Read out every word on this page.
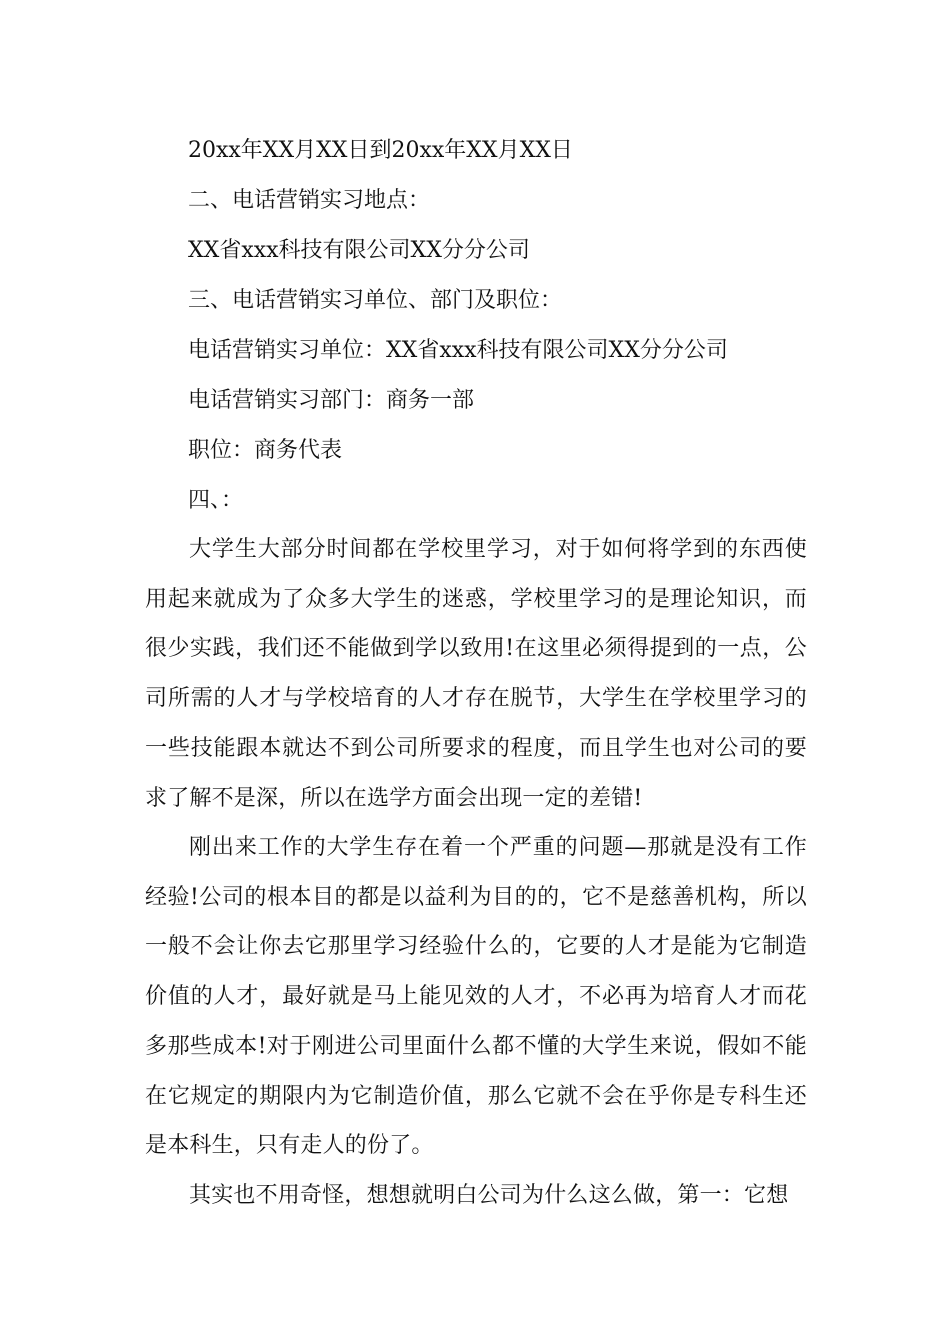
20xx年XX月XX日到20xx年XX月XX日
二、电话营销实习地点：
XX省xxx科技有限公司XX分分公司
三、电话营销实习单位、部门及职位：
电话营销实习单位：XX省xxx科技有限公司XX分分公司
电话营销实习部门：商务一部
职位：商务代表
四、：

大学生大部分时间都在学校里学习，对于如何将学到的东西使用起来就成为了众多大学生的迷惑，学校里学习的是理论知识，而很少实践，我们还不能做到学以致用!在这里必须得提到的一点，公司所需的人才与学校培育的人才存在脱节，大学生在学校里学习的一些技能跟本就达不到公司所要求的程度，而且学生也对公司的要求了解不是深，所以在选学方面会出现一定的差错!

刚出来工作的大学生存在着一个严重的问题—那就是没有工作经验!公司的根本目的都是以益利为目的的，它不是慈善机构，所以一般不会让你去它那里学习经验什么的，它要的人才是能为它制造价值的人才，最好就是马上能见效的人才，不必再为培育人才而花多那些成本!对于刚进公司里面什么都不懂的大学生来说，假如不能在它规定的期限内为它制造价值，那么它就不会在乎你是专科生还是本科生，只有走人的份了。

其实也不用奇怪，想想就明白公司为什么这么做，第一：它想
